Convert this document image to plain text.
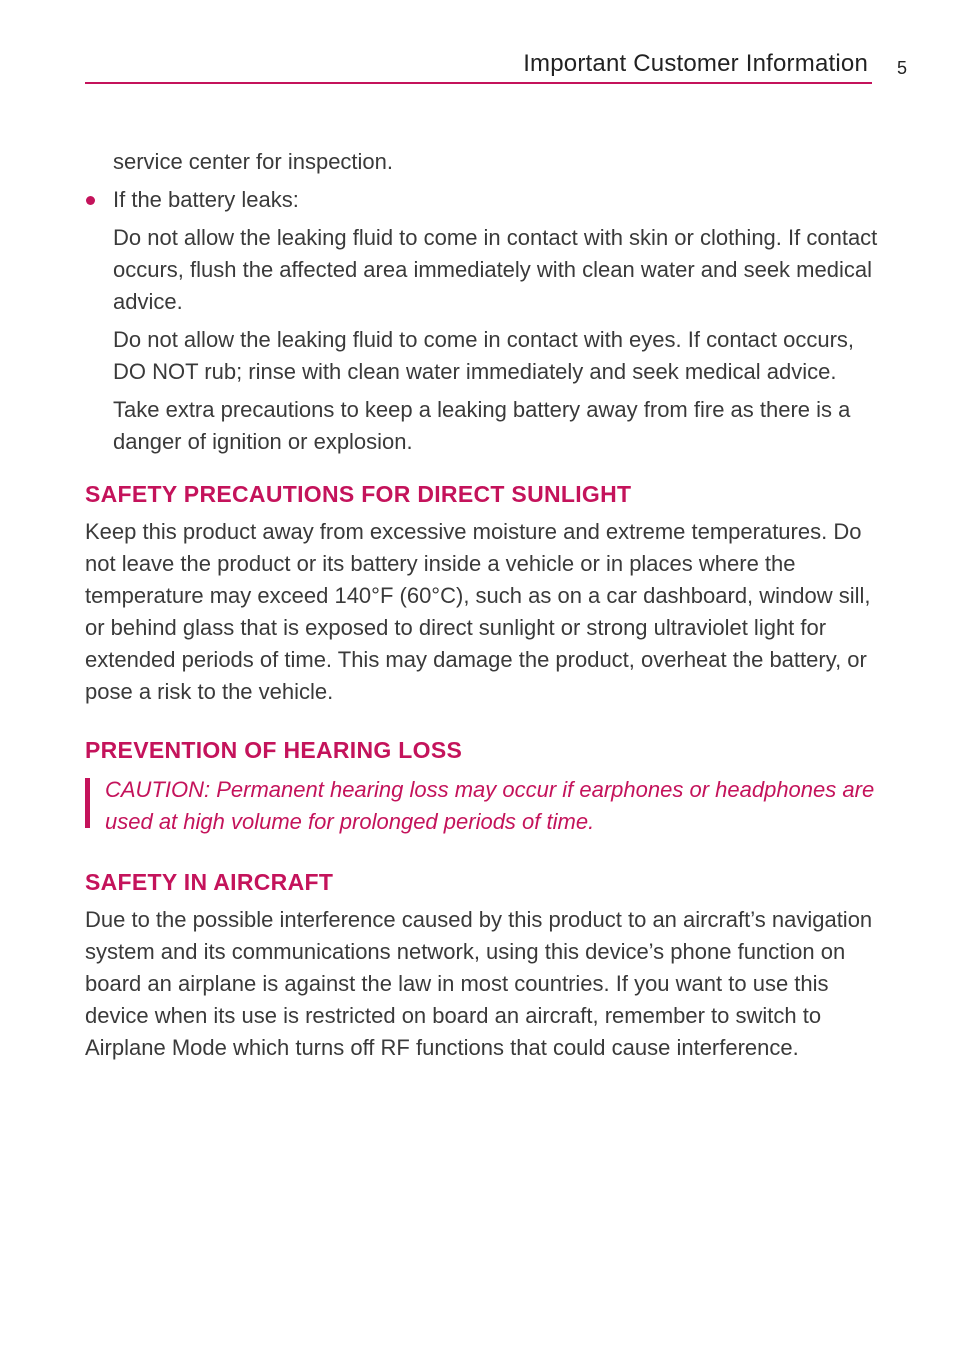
Important Customer Information 5

service center for inspection.

If the battery leaks:

Do not allow the leaking fluid to come in contact with skin or clothing. If contact occurs, flush the affected area immediately with clean water and seek medical advice.

Do not allow the leaking fluid to come in contact with eyes. If contact occurs, DO NOT rub; rinse with clean water immediately and seek medical advice.

Take extra precautions to keep a leaking battery away from fire as there is a danger of ignition or explosion.

SAFETY PRECAUTIONS FOR DIRECT SUNLIGHT

Keep this product away from excessive moisture and extreme temperatures. Do not leave the product or its battery inside a vehicle or in places where the temperature may exceed 140°F (60°C), such as on a car dashboard, window sill, or behind glass that is exposed to direct sunlight or strong ultraviolet light for extended periods of time. This may damage the product, overheat the battery, or pose a risk to the vehicle.

PREVENTION OF HEARING LOSS

CAUTION: Permanent hearing loss may occur if earphones or headphones are used at high volume for prolonged periods of time.

SAFETY IN AIRCRAFT

Due to the possible interference caused by this product to an aircraft’s navigation system and its communications network, using this device’s phone function on board an airplane is against the law in most countries. If you want to use this device when its use is restricted on board an aircraft, remember to switch to Airplane Mode which turns off RF functions that could cause interference.
